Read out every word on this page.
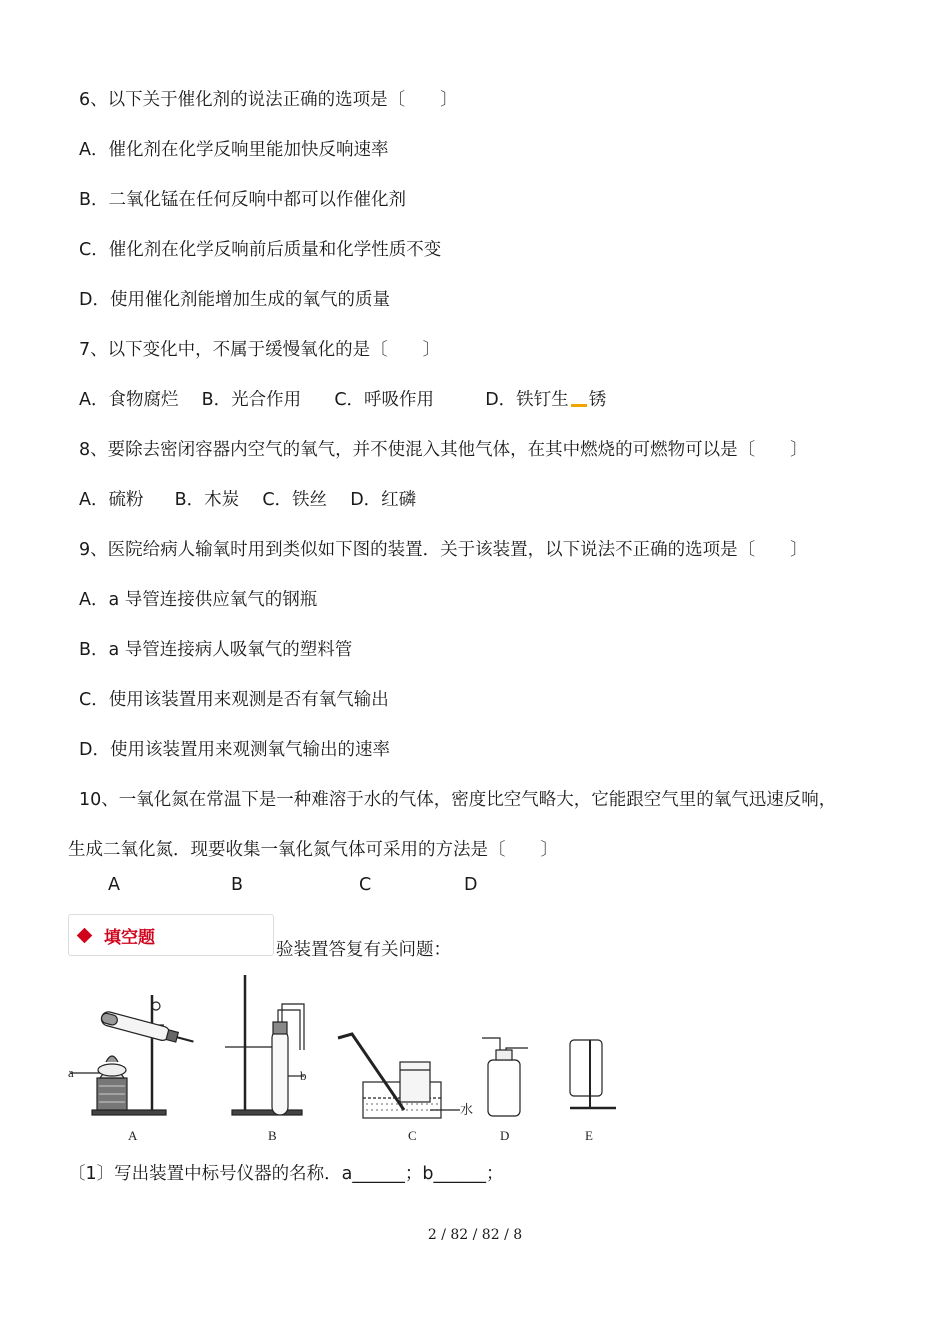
6、以下关于催化剂的说法正确的选项是〔　　〕
A．催化剂在化学反响里能加快反响速率
B．二氧化锰在任何反响中都可以作催化剂
C．催化剂在化学反响前后质量和化学性质不变
D．使用催化剂能增加生成的氧气的质量
7、以下变化中，不属于缓慢氧化的是〔　　〕
A．食物腐烂 B．光合作用 C．呼吸作用	D．铁钉生 锈
8、要除去密闭容器内空气的氧气，并不使混入其他气体，在其中燃烧的可燃物可以是〔　　〕
A．硫粉 B．木炭 C．铁丝 D．红磷
9、医院给病人输氧时用到类似如下图的装置．关于该装置，以下说法不正确的选项是〔　　〕
A．a 导管连接供应氧气的钢瓶
B．a 导管连接病人吸氧气的塑料管
C．使用该装置用来观测是否有氧气输出
D．使用该装置用来观测氧气输出的速率
10、一氧化氮在常温下是一种难溶于水的气体，密度比空气略大，它能跟空气里的氧气迅速反响，
生成二氧化氮．现要收集一氧化氮气体可采用的方法是〔　　〕
A	B	C	D
验装置答复有关问题：
填空题
a	b
水
A	B	C	D	E
〔1〕写出装置中标号仪器的名称．a______；b______；
2 / 82 / 82 / 8
